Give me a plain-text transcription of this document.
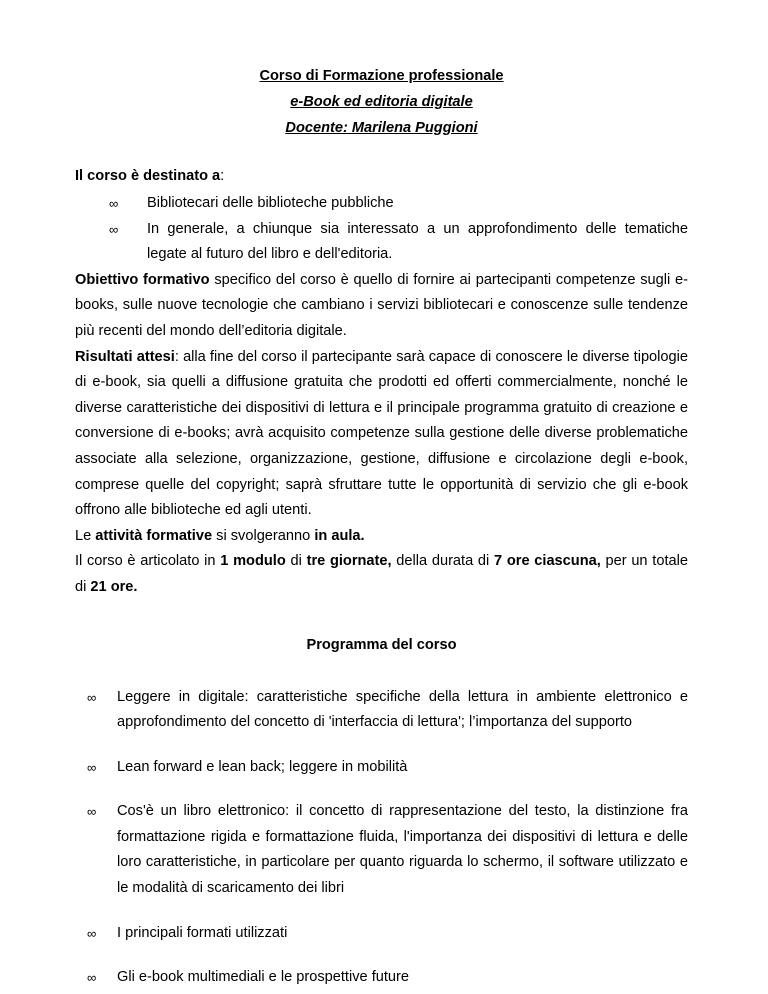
Corso di Formazione professionale
e-Book ed editoria digitale
Docente: Marilena Puggioni

Il corso è destinato a:

∞ Bibliotecari delle biblioteche pubbliche
∞ In generale, a chiunque sia interessato a un approfondimento delle tematiche legate al futuro del libro e dell'editoria.

Obiettivo formativo specifico del corso è quello di fornire ai partecipanti competenze sugli e-books, sulle nuove tecnologie che cambiano i servizi bibliotecari e conoscenze sulle tendenze più recenti del mondo dell’editoria digitale.

Risultati attesi: alla fine del corso il partecipante sarà capace di conoscere le diverse tipologie di e-book, sia quelli a diffusione gratuita che prodotti ed offerti commercialmente, nonché le diverse caratteristiche dei dispositivi di lettura e il principale programma gratuito di creazione e conversione di e-books; avrà acquisito competenze sulla gestione delle diverse problematiche associate alla selezione, organizzazione, gestione, diffusione e circolazione degli e-book, comprese quelle del copyright; saprà sfruttare tutte le opportunità di servizio che gli e-book offrono alle biblioteche ed agli utenti.

Le attività formative si svolgeranno in aula.

Il corso è articolato in 1 modulo di tre giornate, della durata di 7 ore ciascuna, per un totale di 21 ore.

Programma del corso
∞ Leggere in digitale: caratteristiche specifiche della lettura in ambiente elettronico e approfondimento del concetto di 'interfaccia di lettura'; l’importanza del supporto
∞ Lean forward e lean back; leggere in mobilità
∞ Cos'è un libro elettronico: il concetto di rappresentazione del testo, la distinzione fra formattazione rigida e formattazione fluida, l'importanza dei dispositivi di lettura e delle loro caratteristiche, in particolare per quanto riguarda lo schermo, il software utilizzato e le modalità di scaricamento dei libri
∞ I principali formati utilizzati
∞ Gli e-book multimediali e le prospettive future
